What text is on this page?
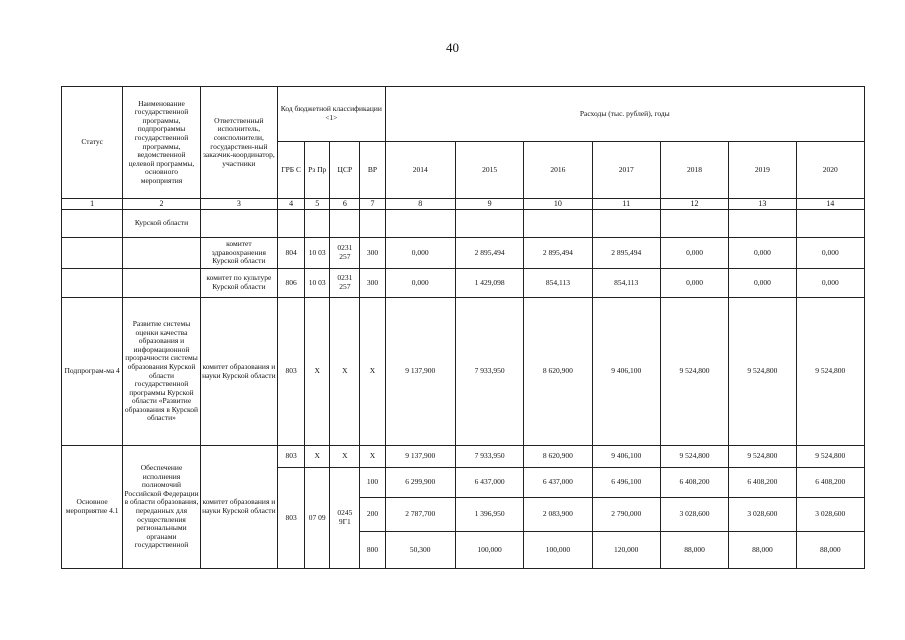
40
Статус	Наименование государственной программы, подпрограммы государственной программы, ведомственной целевой программы, основного мероприятия	Ответственный исполнитель, соисполнители, государствен-ный заказчик-координатор, участники	Код бюджетной классификации <1>				Расходы (тыс. рублей), годы						
			ГРБ С	Рз Пр	ЦСР	ВР	2014	2015	2016	2017	2018	2019	2020
1	2	3	4	5	6	7	8	9	10	11	12	13	14
	Курской области												
		комитет здравоохранения Курской области	804	10 03	0231 257	300	0,000	2 895,494	2 895,494	2 895,494	0,000	0,000	0,000
		комитет по культуре Курской области	806	10 03	0231 257	300	0,000	1 429,098	854,113	854,113	0,000	0,000	0,000
Подпрограм-ма 4	Развитие системы оценки качества образования и информационной прозрачности системы образования Курской области государственной программы Курской области «Развитие образования в Курской области»	комитет образования и науки Курской области	803	X	X	X	9 137,900	7 933,950	8 620,900	9 406,100	9 524,800	9 524,800	9 524,800
Основное мероприятие 4.1	Обеспечение исполнения полномочий Российской Федерации в области образования, переданных для осуществления региональными органами государственной	комитет образования и науки Курской области	803	X	X	X	9 137,900	7 933,950	8 620,900	9 406,100	9 524,800	9 524,800	9 524,800
			803	07 09	0245 9Г1	100	6 299,900	6 437,000	6 437,000	6 496,100	6 408,200	6 408,200	6 408,200
						200	2 787,700	1 396,950	2 083,900	2 790,000	3 028,600	3 028,600	3 028,600
						800	50,300	100,000	100,000	120,000	88,000	88,000	88,000
